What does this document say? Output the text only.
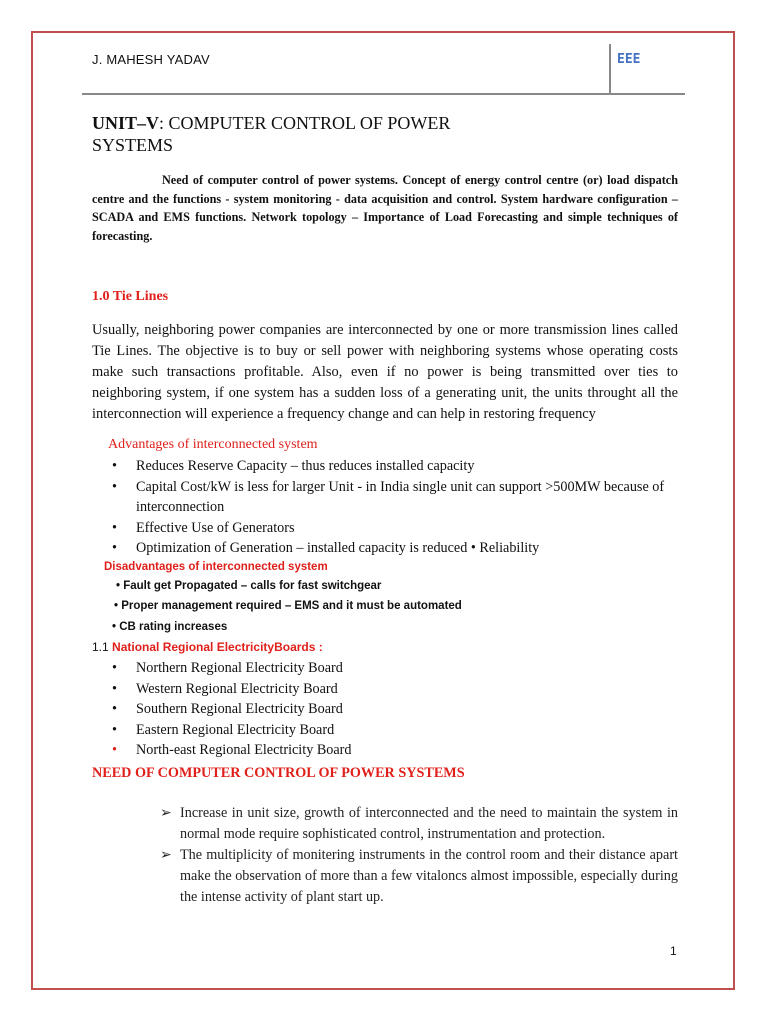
J. MAHESH YADAV	EEE
UNIT–V: COMPUTER CONTROL OF POWER
SYSTEMS
Need of computer control of power systems. Concept of energy control centre (or) load dispatch centre and the functions - system monitoring - data acquisition and control. System hardware configuration – SCADA and EMS functions. Network topology – Importance of Load Forecasting and simple techniques of forecasting.
1.0 Tie Lines
Usually, neighboring power companies are interconnected by one or more transmission lines called Tie Lines. The objective is to buy or sell power with neighboring systems whose operating costs make such transactions profitable. Also, even if no power is being transmitted over ties to neighboring system, if one system has a sudden loss of a generating unit, the units throught all the interconnection will experience a frequency change and can help in restoring frequency
Advantages of interconnected system
• Reduces Reserve Capacity – thus reduces installed capacity
• Capital Cost/kW is less for larger Unit - in India single unit can support >500MW because of interconnection
• Effective Use of Generators
• Optimization of Generation – installed capacity is reduced • Reliability
Disadvantages of interconnected system
• Fault get Propagated – calls for fast switchgear
• Proper management required – EMS and it must be automated
• CB rating increases
1.1 National Regional ElectricityBoards :
• Northern Regional Electricity Board
• Western Regional Electricity Board
• Southern Regional Electricity Board
• Eastern Regional Electricity Board
• North-east Regional Electricity Board
NEED OF COMPUTER CONTROL OF POWER SYSTEMS
➢ Increase in unit size, growth of interconnected and the need to maintain the system in normal mode require sophisticated control, instrumentation and protection.
➢ The multiplicity of monitering instruments in the control room and their distance apart make the observation of more than a few vitaloncs almost impossible, especially during the intense activity of plant start up.
1
